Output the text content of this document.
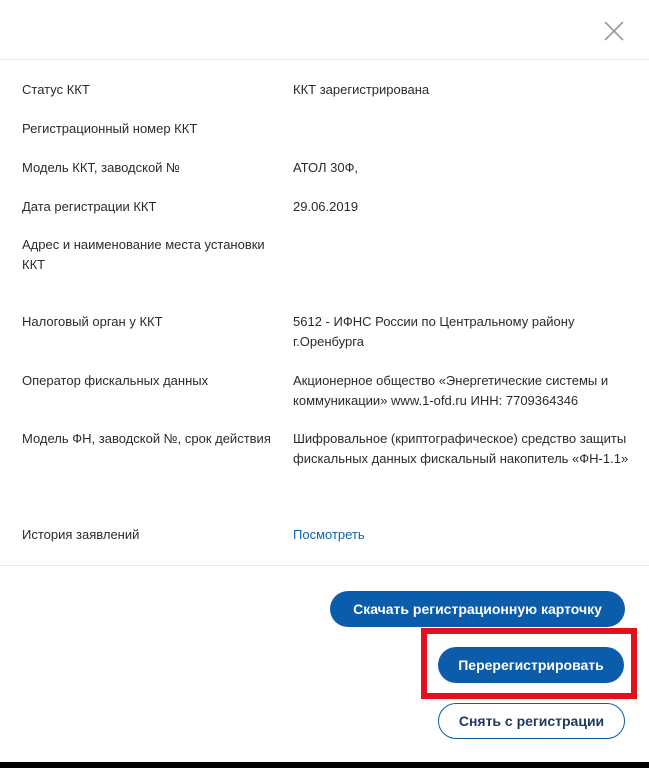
Статус ККТ	ККТ зарегистрирована
Регистрационный номер ККТ
Модель ККТ, заводской №	АТОЛ 30Ф,
Дата регистрации ККТ	29.06.2019
Адрес и наименование места установки ККТ
Налоговый орган у ККТ	5612 - ИФНС России по Центральному району г.Оренбурга
Оператор фискальных данных	Акционерное общество «Энергетические системы и коммуникации» www.1-ofd.ru ИНН: 7709364346
Модель ФН, заводской №, срок действия	Шифровальное (криптографическое) средство защиты фискальных данных фискальный накопитель «ФН-1.1»
История заявлений	Посмотреть
Скачать регистрационную карточку
Перерегистрировать
Снять с регистрации
